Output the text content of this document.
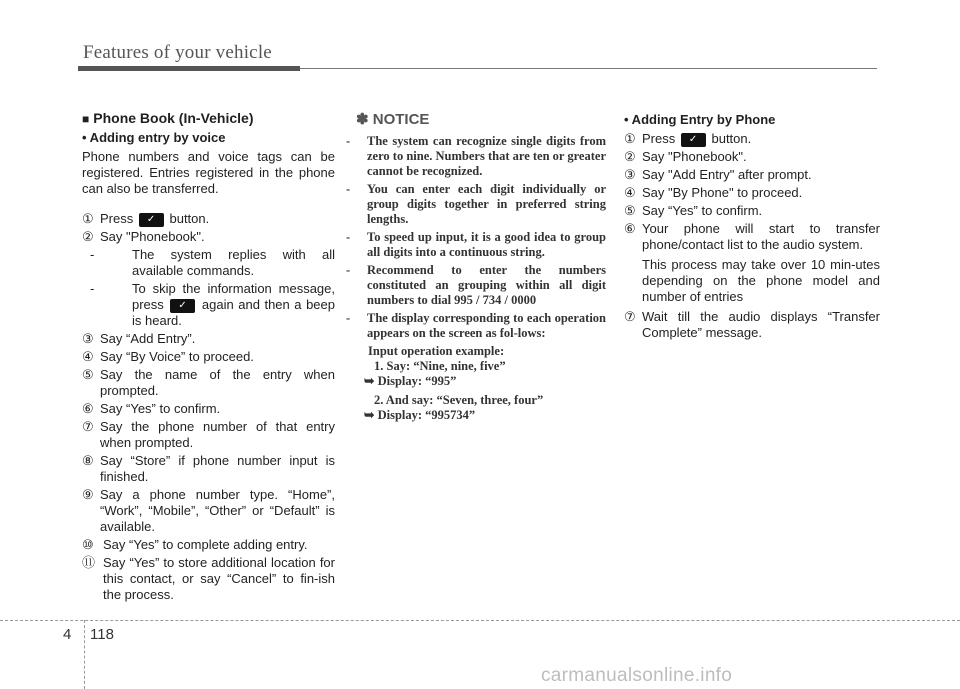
Features of your vehicle
■ Phone Book (In-Vehicle)
• Adding entry by voice
Phone numbers and voice tags can be registered. Entries registered in the phone can also be transferred.
① Press ✓	button.
② Say "Phonebook".
-	The system replies with all available commands.
-	To skip the information message, press ✓	again and then a beep is heard.
③ Say “Add Entry”.
④ Say “By Voice” to proceed.
⑤ Say the name of the entry when prompted.
⑥ Say “Yes” to confirm.
⑦ Say the phone number of that entry when prompted.
⑧ Say “Store” if phone number input is finished.
⑨ Say a phone number type. “Home”, “Work”, “Mobile”, “Other” or “Default” is available.
⑩ Say “Yes” to complete adding entry.
⑪ Say “Yes” to store additional location for this contact, or say “Cancel” to fin-ish the process.
✽ NOTICE
- The system can recognize single digits from zero to nine. Numbers that are ten or greater cannot be recognized.
- You can enter each digit individually or group digits together in preferred string lengths.
- To speed up input, it is a good idea to group all digits into a continuous string.
- Recommend to enter the numbers constituted an grouping within all digit numbers to dial 995 / 734 / 0000
- The display corresponding to each operation appears on the screen as fol-lows:
Input operation example:
1. Say: “Nine, nine, five”
➥ Display: “995”
2. And say: “Seven, three, four”
➥ Display: “995734”
• Adding Entry by Phone
① Press ✓	button.
② Say "Phonebook".
③ Say "Add Entry" after prompt.
④ Say "By Phone" to proceed.
⑤ Say “Yes” to confirm.
⑥ Your phone will start to transfer phone/contact list to the audio system.
This process may take over 10 min-utes depending on the phone model and number of entries
⑦ Wait till the audio displays “Transfer Complete” message.
4 118
carmanualsonline.info
